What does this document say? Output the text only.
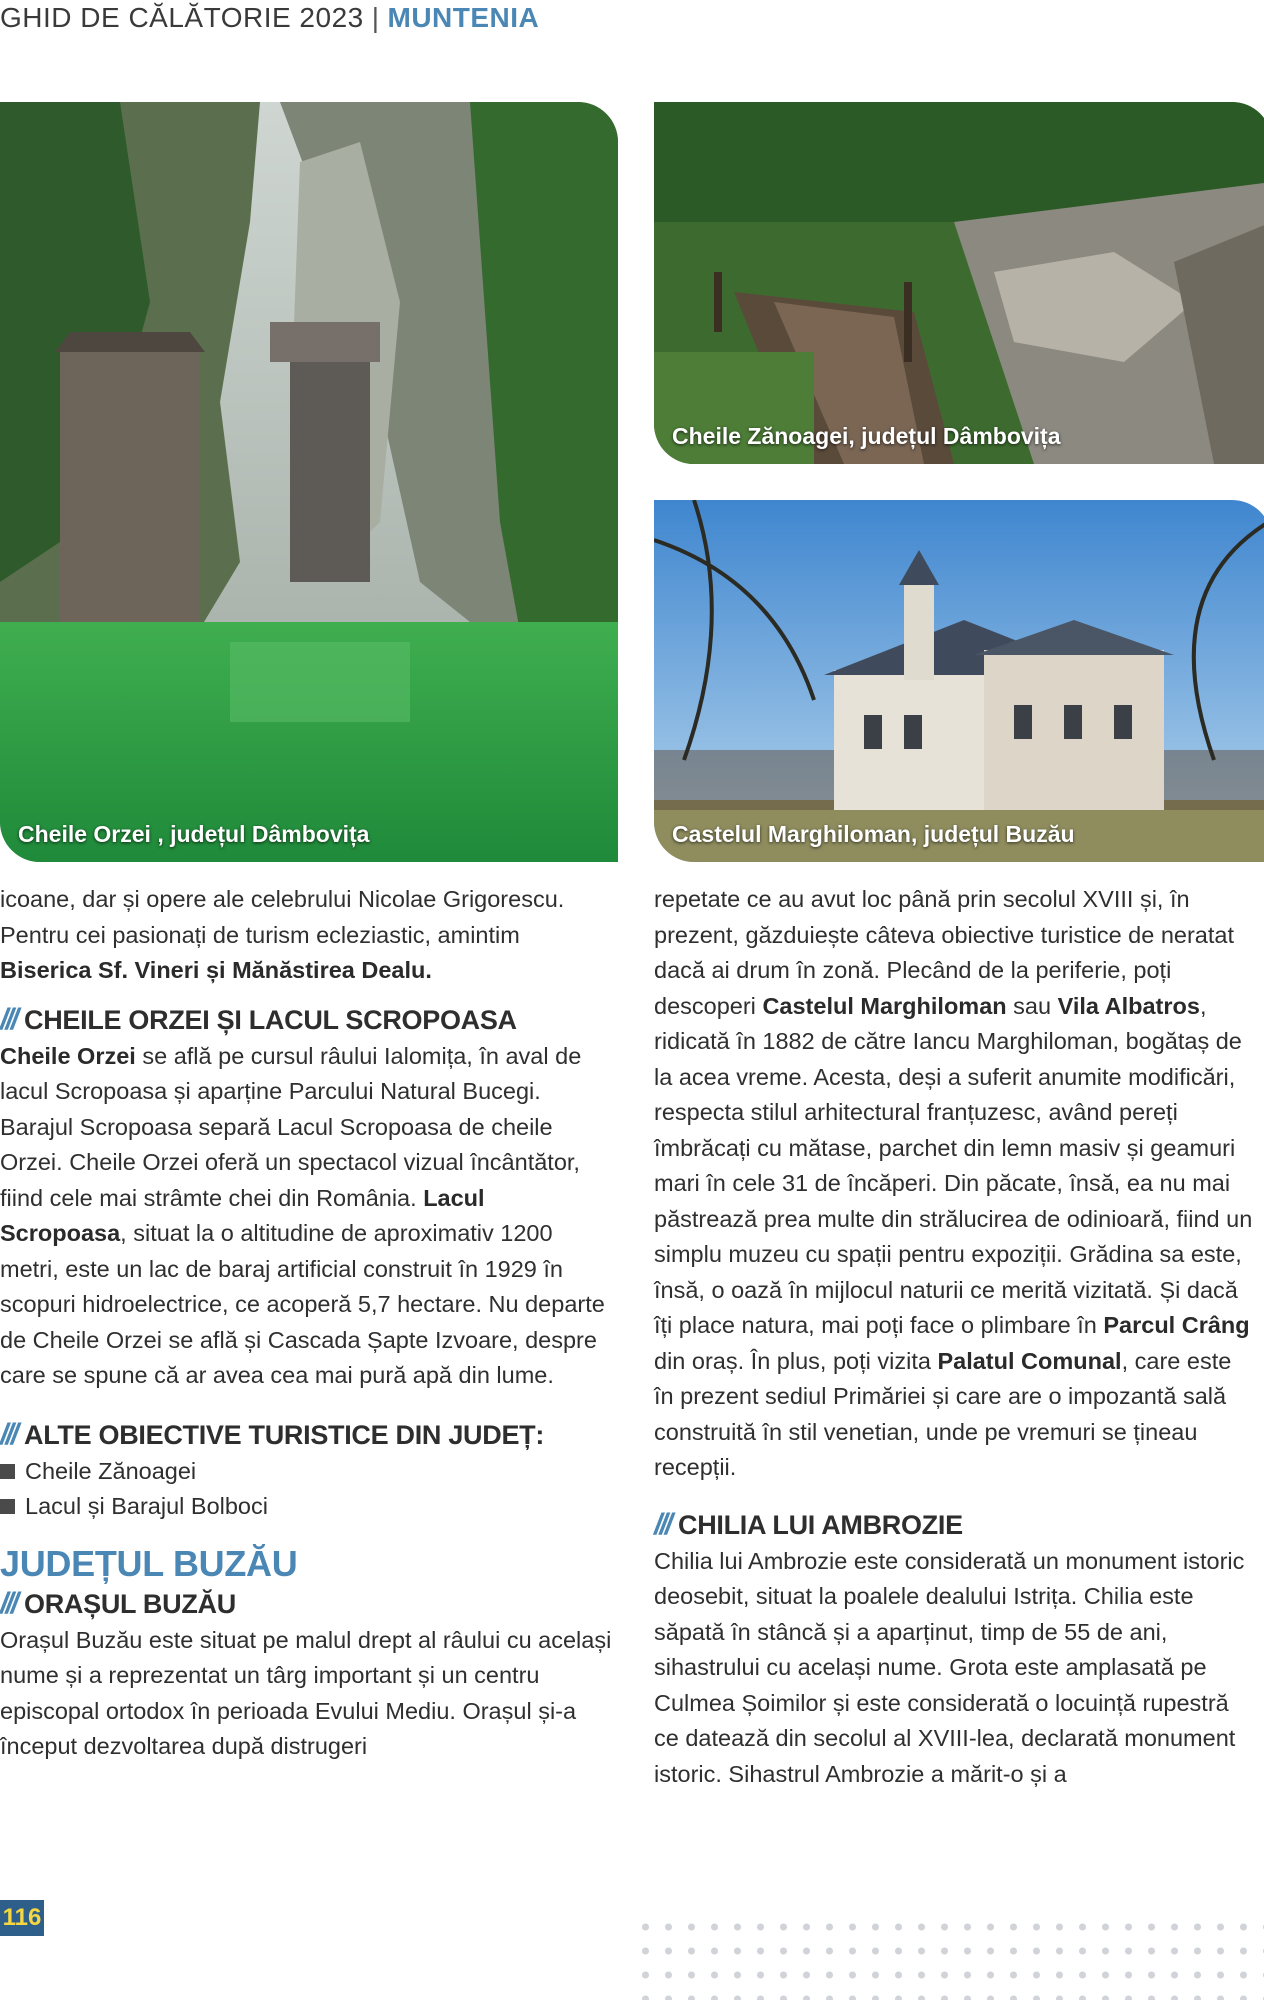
GHID DE CĂLĂTORIE 2023 | MUNTENIA
Cheile Orzei , județul Dâmbovița
Cheile Zănoagei, județul Dâmbovița
Castelul Marghiloman, județul Buzău

icoane, dar și opere ale celebrului Nicolae Grigorescu. Pentru cei pasionați de turism ecleziastic, amintim Biserica Sf. Vineri și Mănăstirea Dealu.

/// CHEILE ORZEI ȘI LACUL SCROPOASA

Cheile Orzei se află pe cursul râului Ialomița, în aval de lacul Scropoasa și aparține Parcului Natural Bucegi. Barajul Scropoasa separă Lacul Scropoasa de cheile Orzei. Cheile Orzei oferă un spectacol vizual încântător, fiind cele mai strâmte chei din România. Lacul Scropoasa, situat la o altitudine de aproximativ 1200 metri, este un lac de baraj artificial construit în 1929 în scopuri hidroelectrice, ce acoperă 5,7 hectare. Nu departe de Cheile Orzei se află și Cascada Șapte Izvoare, despre care se spune că ar avea cea mai pură apă din lume.

/// ALTE OBIECTIVE TURISTICE DIN JUDEȚ:
Cheile Zănoagei
Lacul și Barajul Bolboci
JUDEȚUL BUZĂU
/// ORAȘUL BUZĂU

Orașul Buzău este situat pe malul drept al râului cu același nume și a reprezentat un târg important și un centru episcopal ortodox în perioada Evului Mediu. Orașul și-a început dezvoltarea după distrugeri

repetate ce au avut loc până prin secolul XVIII și, în prezent, găzduiește câteva obiective turistice de neratat dacă ai drum în zonă. Plecând de la periferie, poți descoperi Castelul Marghiloman sau Vila Albatros, ridicată în 1882 de către Iancu Marghiloman, bogătaș de la acea vreme. Acesta, deși a suferit anumite modificări, respecta stilul arhitectural franțuzesc, având pereți îmbrăcați cu mătase, parchet din lemn masiv și geamuri mari în cele 31 de încăperi. Din păcate, însă, ea nu mai păstrează prea multe din strălucirea de odinioară, fiind un simplu muzeu cu spații pentru expoziții. Grădina sa este, însă, o oază în mijlocul naturii ce merită vizitată. Și dacă îți place natura, mai poți face o plimbare în Parcul Crâng din oraș. În plus, poți vizita Palatul Comunal, care este în prezent sediul Primăriei și care are o impozantă sală construită în stil venetian, unde pe vremuri se țineau recepții.

/// CHILIA LUI AMBROZIE

Chilia lui Ambrozie este considerată un monument istoric deosebit, situat la poalele dealului Istrița. Chilia este săpată în stâncă și a aparținut, timp de 55 de ani, sihastrului cu același nume. Grota este amplasată pe Culmea Șoimilor și este considerată o locuință rupestră ce datează din secolul al XVIII-lea, declarată monument istoric. Sihastrul Ambrozie a mărit-o și a

116
